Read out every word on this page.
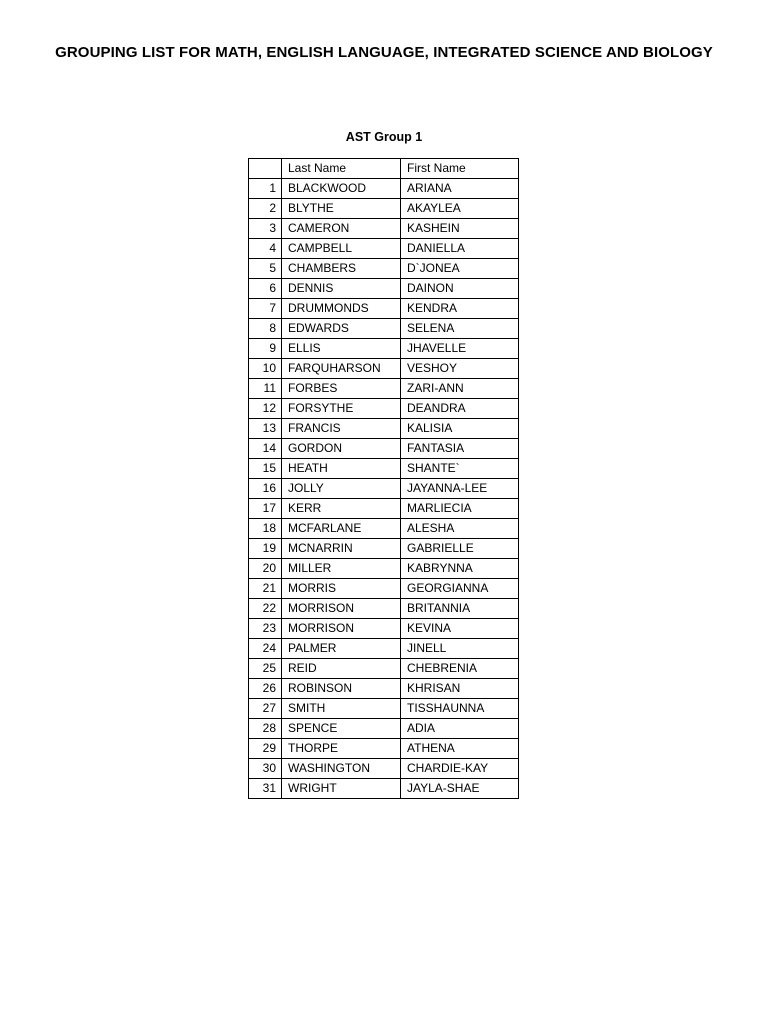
GROUPING LIST FOR MATH, ENGLISH LANGUAGE, INTEGRATED SCIENCE AND BIOLOGY
AST Group 1
	Last Name	First Name
1	BLACKWOOD	ARIANA
2	BLYTHE	AKAYLEA
3	CAMERON	KASHEIN
4	CAMPBELL	DANIELLA
5	CHAMBERS	D`JONEA
6	DENNIS	DAINON
7	DRUMMONDS	KENDRA
8	EDWARDS	SELENA
9	ELLIS	JHAVELLE
10	FARQUHARSON	VESHOY
11	FORBES	ZARI-ANN
12	FORSYTHE	DEANDRA
13	FRANCIS	KALISIA
14	GORDON	FANTASIA
15	HEATH	SHANTE`
16	JOLLY	JAYANNA-LEE
17	KERR	MARLIECIA
18	MCFARLANE	ALESHA
19	MCNARRIN	GABRIELLE
20	MILLER	KABRYNNA
21	MORRIS	GEORGIANNA
22	MORRISON	BRITANNIA
23	MORRISON	KEVINA
24	PALMER	JINELL
25	REID	CHEBRENIA
26	ROBINSON	KHRISAN
27	SMITH	TISSHAUNNA
28	SPENCE	ADIA
29	THORPE	ATHENA
30	WASHINGTON	CHARDIE-KAY
31	WRIGHT	JAYLA-SHAE
